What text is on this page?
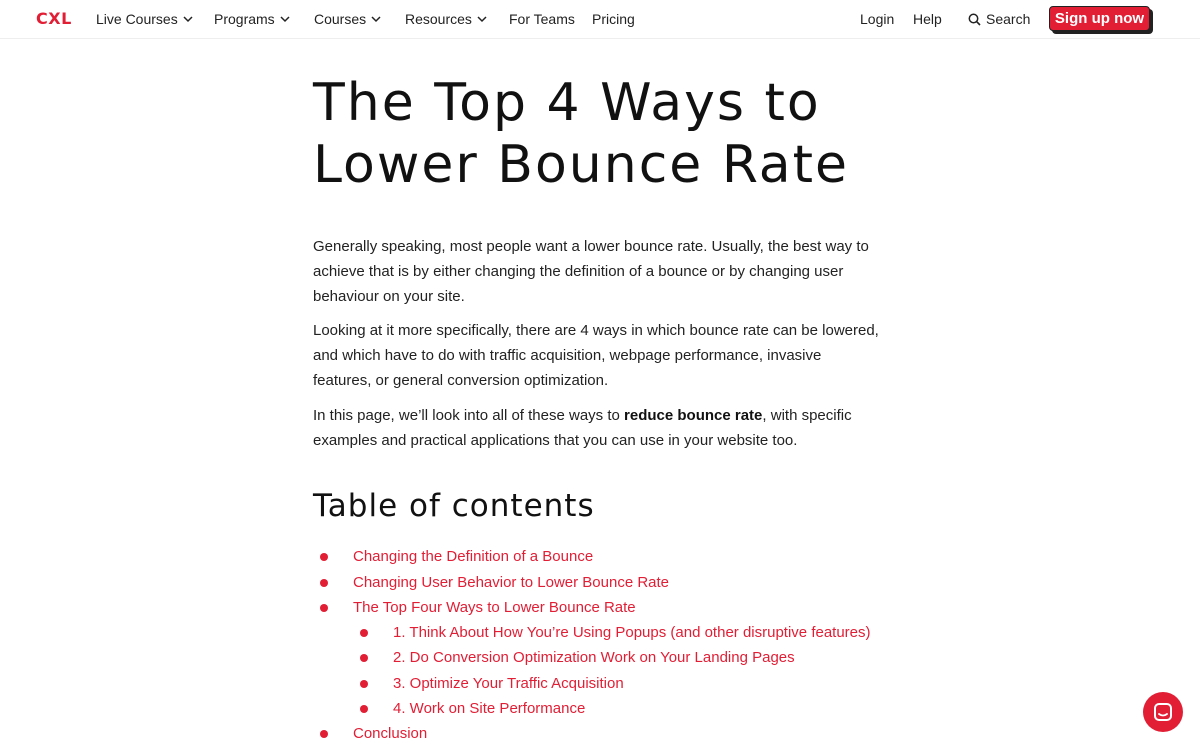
CXL Live Courses	Programs	Courses	Resources	For Teams Pricing	Login Help	Search	Sign up now
The Top 4 Ways to
Lower Bounce Rate

Generally speaking, most people want a lower bounce rate. Usually, the best way to achieve that is by either changing the definition of a bounce or by changing user behaviour on your site.

Looking at it more specifically, there are 4 ways in which bounce rate can be lowered, and which have to do with traffic acquisition, webpage performance, invasive features, or general conversion optimization.

In this page, we’ll look into all of these ways to reduce bounce rate, with specific examples and practical applications that you can use in your website too.

Table of contents
Changing the Definition of a Bounce
Changing User Behavior to Lower Bounce Rate
The Top Four Ways to Lower Bounce Rate
1. Think About How You’re Using Popups (and other disruptive features)
2. Do Conversion Optimization Work on Your Landing Pages
3. Optimize Your Traffic Acquisition
4. Work on Site Performance
Conclusion
